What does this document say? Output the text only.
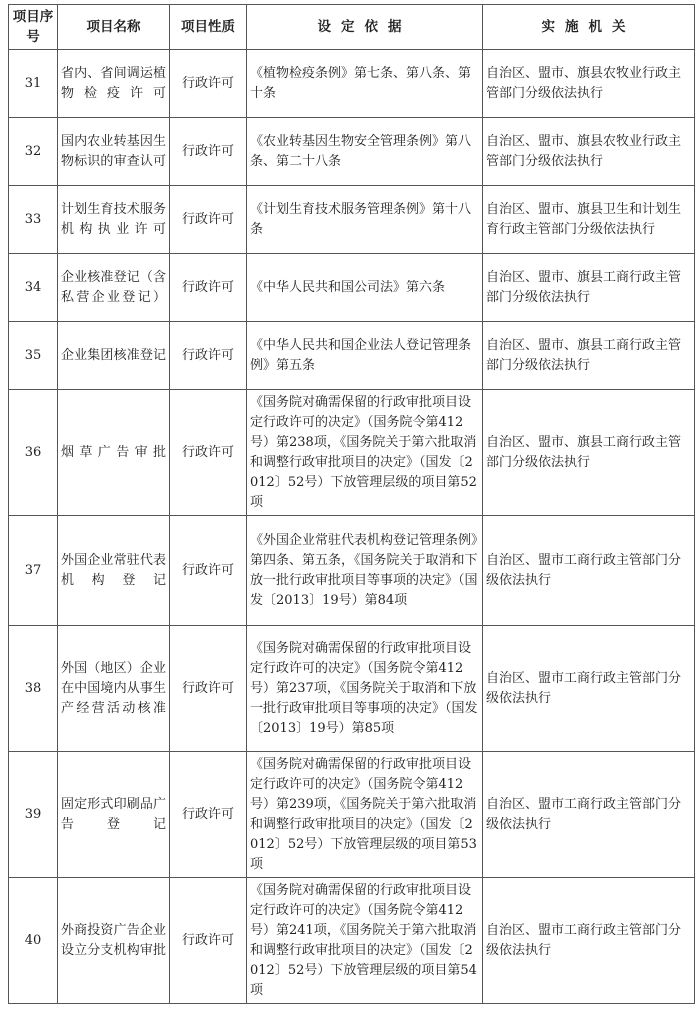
项目序号	项目名称	项目性质	设定依据	实施机关
31	省内、省间调运植物检疫许可	行政许可	《植物检疫条例》第七条、第八条、第十条	自治区、盟市、旗县农牧业行政主管部门分级依法执行
32	国内农业转基因生物标识的审查认可	行政许可	《农业转基因生物安全管理条例》第八条、第二十八条	自治区、盟市、旗县农牧业行政主管部门分级依法执行
33	计划生育技术服务机构执业许可	行政许可	《计划生育技术服务管理条例》第十八条	自治区、盟市、旗县卫生和计划生育行政主管部门分级依法执行
34	企业核准登记（含私营企业登记）	行政许可	《中华人民共和国公司法》第六条	自治区、盟市、旗县工商行政主管部门分级依法执行
35	企业集团核准登记	行政许可	《中华人民共和国企业法人登记管理条例》第五条	自治区、盟市、旗县工商行政主管部门分级依法执行
36	烟草广告审批	行政许可	《国务院对确需保留的行政审批项目设定行政许可的决定》（国务院令第412号）第238项，《国务院关于第六批取消和调整行政审批项目的决定》（国发〔2012〕52号）下放管理层级的项目第52项	自治区、盟市、旗县工商行政主管部门分级依法执行
37	外国企业常驻代表机构登记	行政许可	《外国企业常驻代表机构登记管理条例》第四条、第五条，《国务院关于取消和下放一批行政审批项目等事项的决定》（国发〔2013〕19号）第84项	自治区、盟市工商行政主管部门分级依法执行
38	外国（地区）企业在中国境内从事生产经营活动核准	行政许可	《国务院对确需保留的行政审批项目设定行政许可的决定》（国务院令第412号）第237项，《国务院关于取消和下放一批行政审批项目等事项的决定》（国发〔2013〕19号）第85项	自治区、盟市工商行政主管部门分级依法执行
39	固定形式印刷品广告登记	行政许可	《国务院对确需保留的行政审批项目设定行政许可的决定》（国务院令第412号）第239项，《国务院关于第六批取消和调整行政审批项目的决定》（国发〔2012〕52号）下放管理层级的项目第53项	自治区、盟市工商行政主管部门分级依法执行
40	外商投资广告企业设立分支机构审批	行政许可	《国务院对确需保留的行政审批项目设定行政许可的决定》（国务院令第412号）第241项，《国务院关于第六批取消和调整行政审批项目的决定》（国发〔2012〕52号）下放管理层级的项目第54项	自治区、盟市工商行政主管部门分级依法执行
